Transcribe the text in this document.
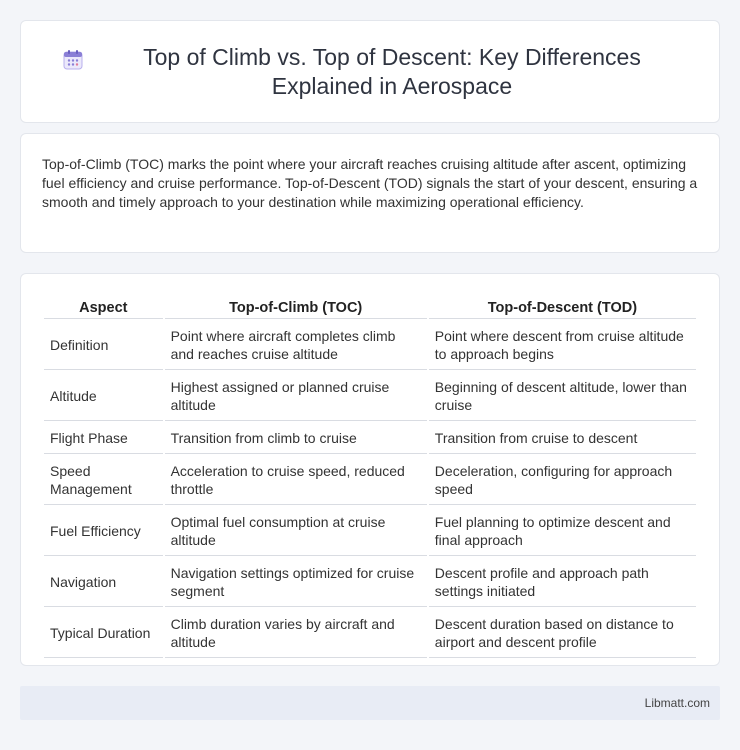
Top of Climb vs. Top of Descent: Key Differences Explained in Aerospace

Top-of-Climb (TOC) marks the point where your aircraft reaches cruising altitude after ascent, optimizing fuel efficiency and cruise performance. Top-of-Descent (TOD) signals the start of your descent, ensuring a smooth and timely approach to your destination while maximizing operational efficiency.

Aspect	Top-of-Climb (TOC)	Top-of-Descent (TOD)
Definition	Point where aircraft completes climb and reaches cruise altitude	Point where descent from cruise altitude to approach begins
Altitude	Highest assigned or planned cruise altitude	Beginning of descent altitude, lower than cruise
Flight Phase	Transition from climb to cruise	Transition from cruise to descent
Speed Management	Acceleration to cruise speed, reduced throttle	Deceleration, configuring for approach speed
Fuel Efficiency	Optimal fuel consumption at cruise altitude	Fuel planning to optimize descent and final approach
Navigation	Navigation settings optimized for cruise segment	Descent profile and approach path settings initiated
Typical Duration	Climb duration varies by aircraft and altitude	Descent duration based on distance to airport and descent profile
Libmatt.com
